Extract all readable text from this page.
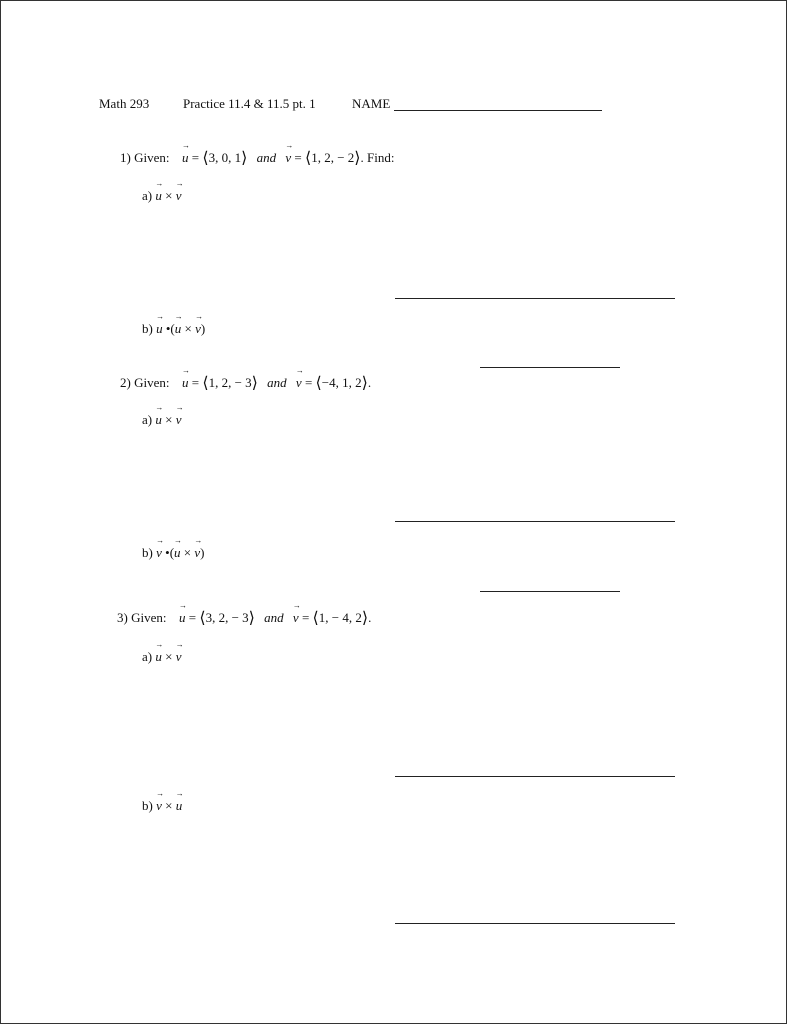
Math 293	Practice 11.4 & 11.5 pt. 1	NAME
1) Given: → u = ⟨3, 0, 1⟩ and → v = ⟨1, 2, − 2⟩. Find:
a) → u × → v
b) → u •(→ u × → v)
2) Given: → u = ⟨1, 2, − 3⟩ and → v = ⟨−4, 1, 2⟩.
a) → u × → v
b) → v •(→ u × → v)
3) Given: → u = ⟨3, 2, − 3⟩ and → v = ⟨1, − 4, 2⟩.
a) → u × → v
b) → v × → u
